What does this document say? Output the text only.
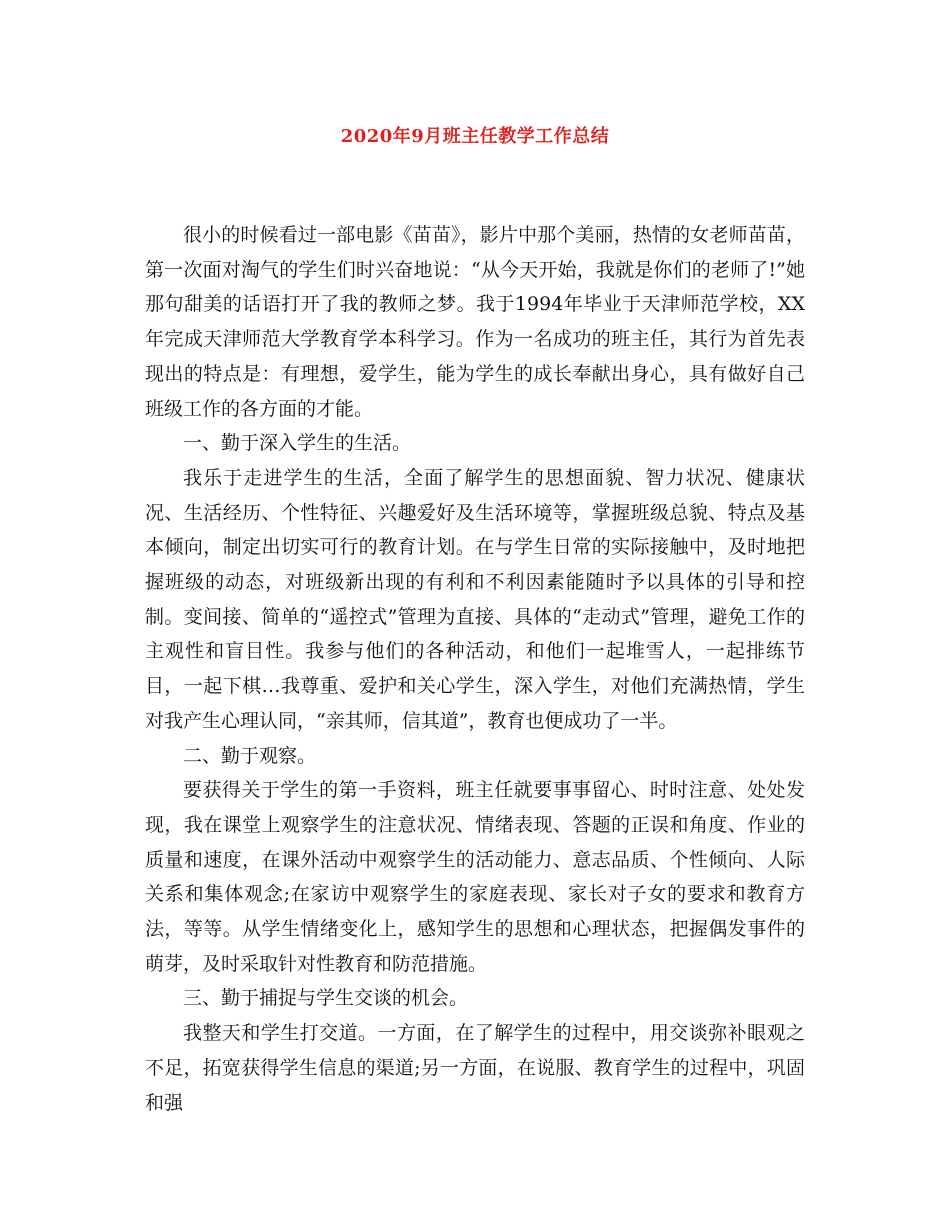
2020年9月班主任教学工作总结

很小的时候看过一部电影《苗苗》，影片中那个美丽，热情的女老师苗苗，第一次面对淘气的学生们时兴奋地说：“从今天开始，我就是你们的老师了!”她那句甜美的话语打开了我的教师之梦。我于1994年毕业于天津师范学校，XX年完成天津师范大学教育学本科学习。作为一名成功的班主任，其行为首先表现出的特点是：有理想，爱学生，能为学生的成长奉献出身心，具有做好自己班级工作的各方面的才能。

一、勤于深入学生的生活。

我乐于走进学生的生活，全面了解学生的思想面貌、智力状况、健康状况、生活经历、个性特征、兴趣爱好及生活环境等，掌握班级总貌、特点及基本倾向，制定出切实可行的教育计划。在与学生日常的实际接触中，及时地把握班级的动态，对班级新出现的有利和不利因素能随时予以具体的引导和控制。变间接、简单的“遥控式”管理为直接、具体的“走动式”管理，避免工作的主观性和盲目性。我参与他们的各种活动，和他们一起堆雪人，一起排练节目，一起下棋…我尊重、爱护和关心学生，深入学生，对他们充满热情，学生对我产生心理认同，“亲其师，信其道”，教育也便成功了一半。

二、勤于观察。

要获得关于学生的第一手资料，班主任就要事事留心、时时注意、处处发现，我在课堂上观察学生的注意状况、情绪表现、答题的正误和角度、作业的质量和速度，在课外活动中观察学生的活动能力、意志品质、个性倾向、人际关系和集体观念;在家访中观察学生的家庭表现、家长对子女的要求和教育方法，等等。从学生情绪变化上，感知学生的思想和心理状态，把握偶发事件的萌芽，及时采取针对性教育和防范措施。

三、勤于捕捉与学生交谈的机会。

我整天和学生打交道。一方面，在了解学生的过程中，用交谈弥补眼观之不足，拓宽获得学生信息的渠道;另一方面，在说服、教育学生的过程中，巩固和强
